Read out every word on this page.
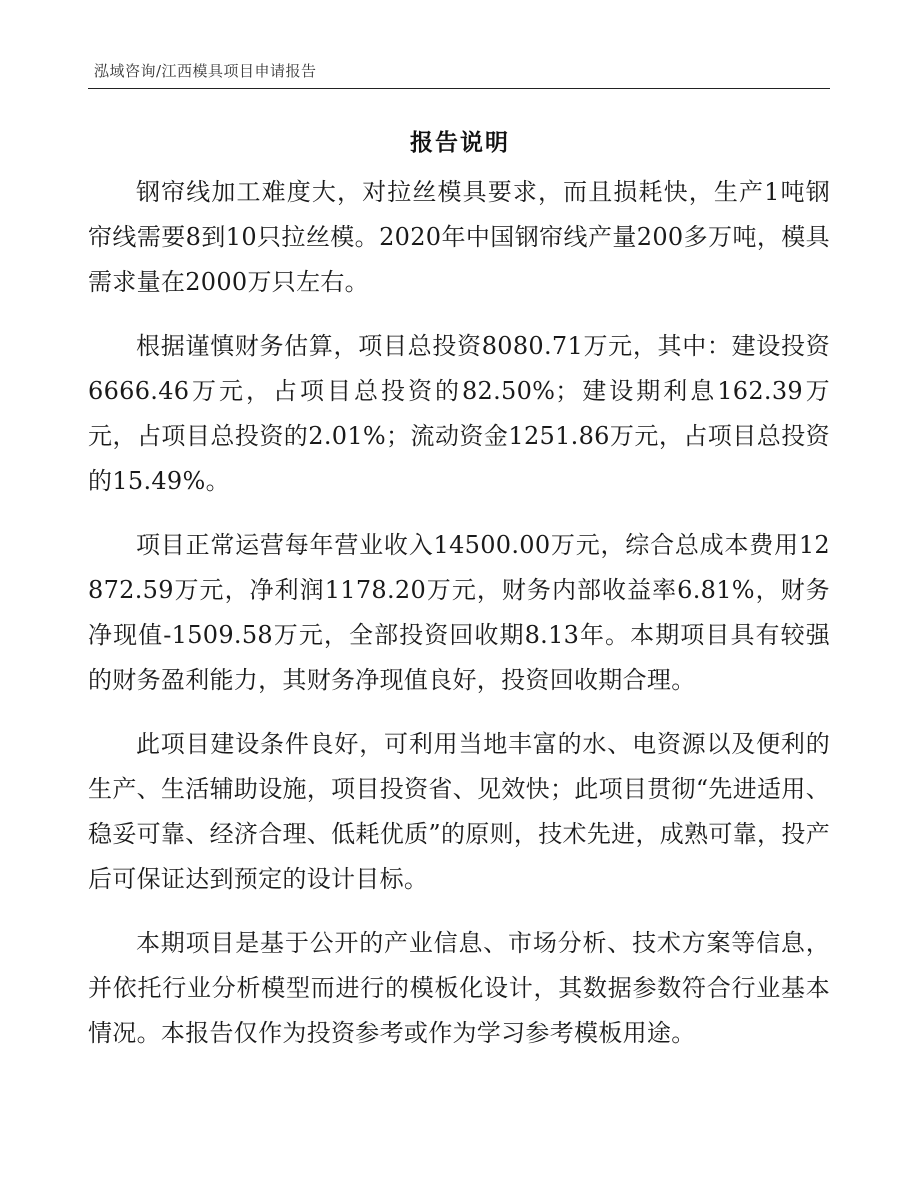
泓域咨询/江西模具项目申请报告
报告说明

钢帘线加工难度大，对拉丝模具要求，而且损耗快，生产1吨钢帘线需要8到10只拉丝模。2020年中国钢帘线产量200多万吨，模具需求量在2000万只左右。

根据谨慎财务估算，项目总投资8080.71万元，其中：建设投资6666.46万元，占项目总投资的82.50%；建设期利息162.39万元，占项目总投资的2.01%；流动资金1251.86万元，占项目总投资的15.49%。

项目正常运营每年营业收入14500.00万元，综合总成本费用12872.59万元，净利润1178.20万元，财务内部收益率6.81%，财务净现值-1509.58万元，全部投资回收期8.13年。本期项目具有较强的财务盈利能力，其财务净现值良好，投资回收期合理。

此项目建设条件良好，可利用当地丰富的水、电资源以及便利的生产、生活辅助设施，项目投资省、见效快；此项目贯彻“先进适用、稳妥可靠、经济合理、低耗优质”的原则，技术先进，成熟可靠，投产后可保证达到预定的设计目标。

本期项目是基于公开的产业信息、市场分析、技术方案等信息，并依托行业分析模型而进行的模板化设计，其数据参数符合行业基本情况。本报告仅作为投资参考或作为学习参考模板用途。
